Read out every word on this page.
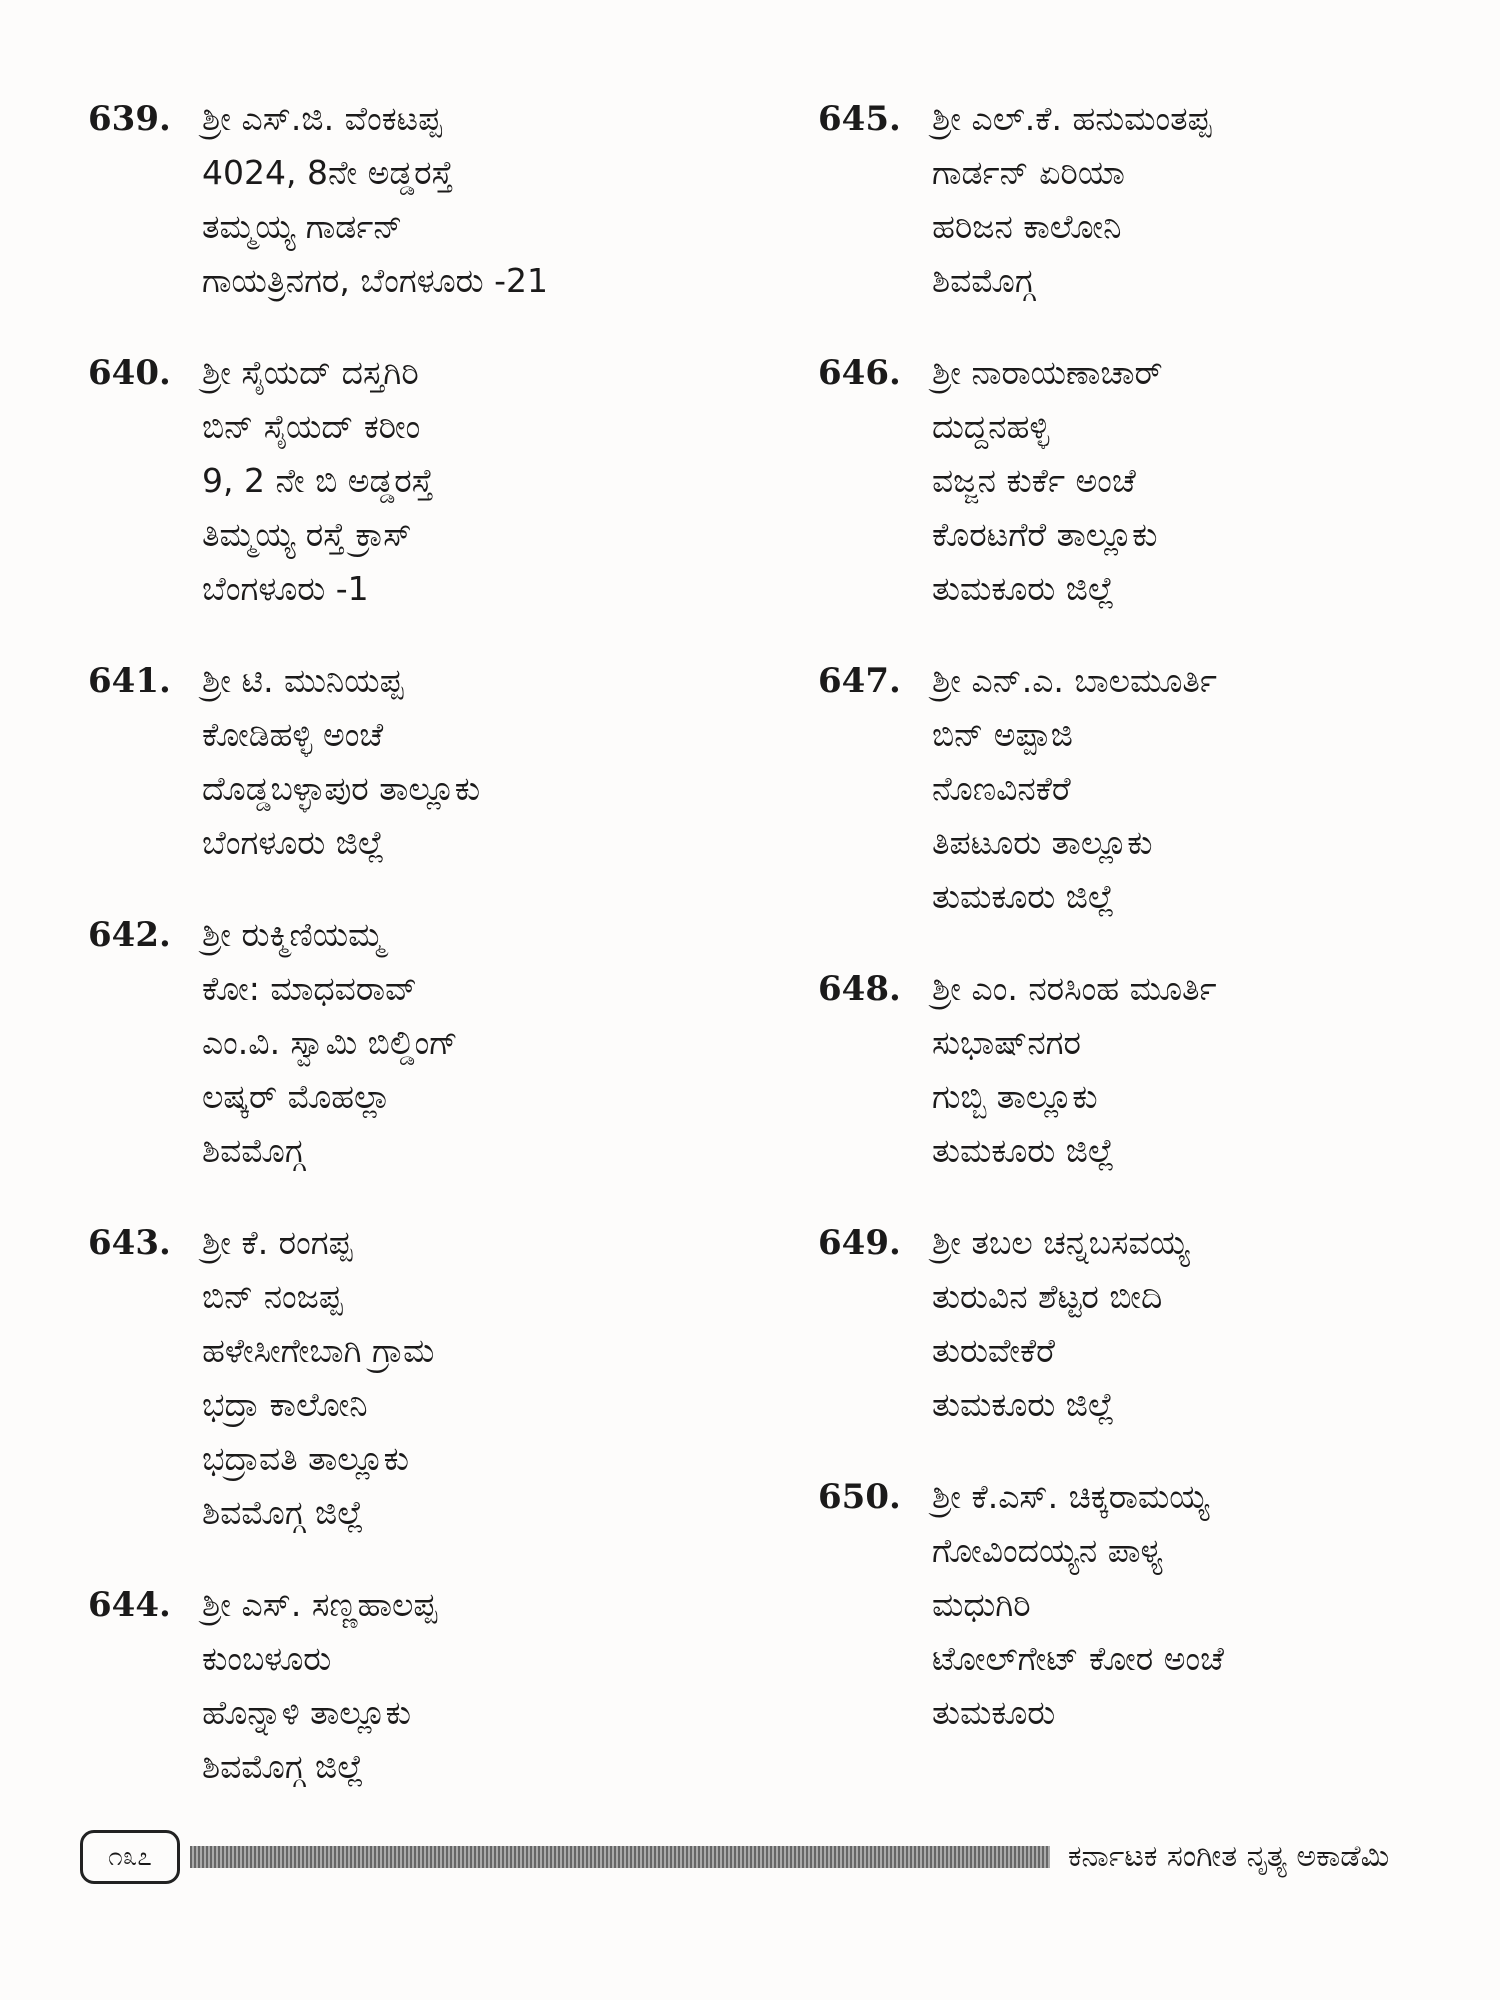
639. ಶ್ರೀ ಎಸ್.ಜಿ. ವೆಂಕಟಪ್ಪ
4024, 8ನೇ ಅಡ್ಡರಸ್ತೆ
ತಮ್ಮಯ್ಯ ಗಾರ್ಡನ್
ಗಾಯತ್ರಿನಗರ, ಬೆಂಗಳೂರು -21
640. ಶ್ರೀ ಸೈಯದ್ ದಸ್ತಗಿರಿ
ಬಿನ್ ಸೈಯದ್ ಕರೀಂ
9, 2 ನೇ ಬಿ ಅಡ್ಡರಸ್ತೆ
ತಿಮ್ಮಯ್ಯ ರಸ್ತೆ ಕ್ರಾಸ್
ಬೆಂಗಳೂರು -1
641. ಶ್ರೀ ಟಿ. ಮುನಿಯಪ್ಪ
ಕೋಡಿಹಳ್ಳಿ ಅಂಚೆ
ದೊಡ್ಡಬಳ್ಳಾಪುರ ತಾಲ್ಲೂಕು
ಬೆಂಗಳೂರು ಜಿಲ್ಲೆ
642. ಶ್ರೀ ರುಕ್ಮಿಣಿಯಮ್ಮ
ಕೋ: ಮಾಧವರಾವ್
ಎಂ.ವಿ. ಸ್ವಾಮಿ ಬಿಲ್ಡಿಂಗ್
ಲಷ್ಕರ್ ಮೊಹಲ್ಲಾ
ಶಿವಮೊಗ್ಗ
643. ಶ್ರೀ ಕೆ. ರಂಗಪ್ಪ
ಬಿನ್ ನಂಜಪ್ಪ
ಹಳೇಸೀಗೇಬಾಗಿ ಗ್ರಾಮ
ಭದ್ರಾ ಕಾಲೋನಿ
ಭದ್ರಾವತಿ ತಾಲ್ಲೂಕು
ಶಿವಮೊಗ್ಗ ಜಿಲ್ಲೆ
644. ಶ್ರೀ ಎಸ್. ಸಣ್ಣಹಾಲಪ್ಪ
ಕುಂಬಳೂರು
ಹೊನ್ನಾಳಿ ತಾಲ್ಲೂಕು
ಶಿವಮೊಗ್ಗ ಜಿಲ್ಲೆ
645. ಶ್ರೀ ಎಲ್.ಕೆ. ಹನುಮಂತಪ್ಪ
ಗಾರ್ಡನ್ ಏರಿಯಾ
ಹರಿಜನ ಕಾಲೋನಿ
ಶಿವಮೊಗ್ಗ
646. ಶ್ರೀ ನಾರಾಯಣಾಚಾರ್
ದುದ್ದನಹಳ್ಳಿ
ವಜ್ಜನ ಕುರ್ಕೆ ಅಂಚೆ
ಕೊರಟಗೆರೆ ತಾಲ್ಲೂಕು
ತುಮಕೂರು ಜಿಲ್ಲೆ
647. ಶ್ರೀ ಎನ್.ಎ. ಬಾಲಮೂರ್ತಿ
ಬಿನ್ ಅಪ್ಪಾಜಿ
ನೊಣವಿನಕೆರೆ
ತಿಪಟೂರು ತಾಲ್ಲೂಕು
ತುಮಕೂರು ಜಿಲ್ಲೆ
648. ಶ್ರೀ ಎಂ. ನರಸಿಂಹ ಮೂರ್ತಿ
ಸುಭಾಷ್‌ನಗರ
ಗುಬ್ಬಿ ತಾಲ್ಲೂಕು
ತುಮಕೂರು ಜಿಲ್ಲೆ
649. ಶ್ರೀ ತಬಲ ಚನ್ನಬಸವಯ್ಯ
ತುರುವಿನ ಶೆಟ್ಟರ ಬೀದಿ
ತುರುವೇಕೆರೆ
ತುಮಕೂರು ಜಿಲ್ಲೆ
650. ಶ್ರೀ ಕೆ.ಎಸ್. ಚಿಕ್ಕರಾಮಯ್ಯ
ಗೋವಿಂದಯ್ಯನ ಪಾಳ್ಯ
ಮಧುಗಿರಿ
ಟೋಲ್‌ಗೇಟ್ ಕೋರ ಅಂಚೆ
ತುಮಕೂರು
೧೩೭	ಕರ್ನಾಟಕ ಸಂಗೀತ ನೃತ್ಯ ಅಕಾಡೆಮಿ
